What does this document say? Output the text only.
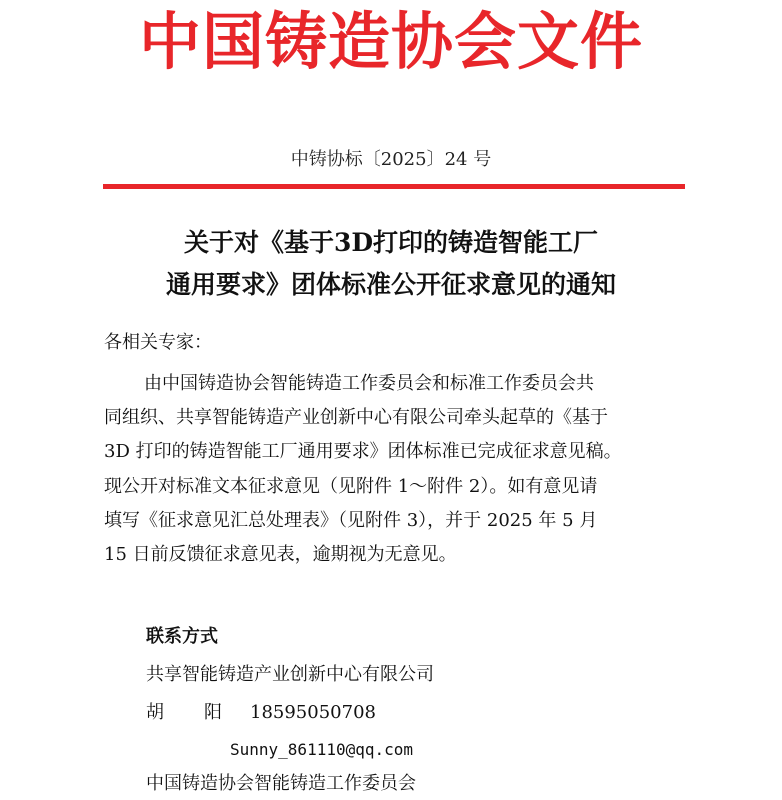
中国铸造协会文件
中铸协标〔2025〕24 号
关于对《基于3D打印的铸造智能工厂
通用要求》团体标准公开征求意见的通知
各相关专家：
由中国铸造协会智能铸造工作委员会和标准工作委员会共
同组织、共享智能铸造产业创新中心有限公司牵头起草的《基于
3D 打印的铸造智能工厂通用要求》团体标准已完成征求意见稿。
现公开对标准文本征求意见（见附件 1～附件 2）。如有意见请
填写《征求意见汇总处理表》（见附件 3），并于 2025 年 5 月
15 日前反馈征求意见表，逾期视为无意见。
联系方式
共享智能铸造产业创新中心有限公司
胡 阳 18595050708
Sunny_861110@qq.com
中国铸造协会智能铸造工作委员会
